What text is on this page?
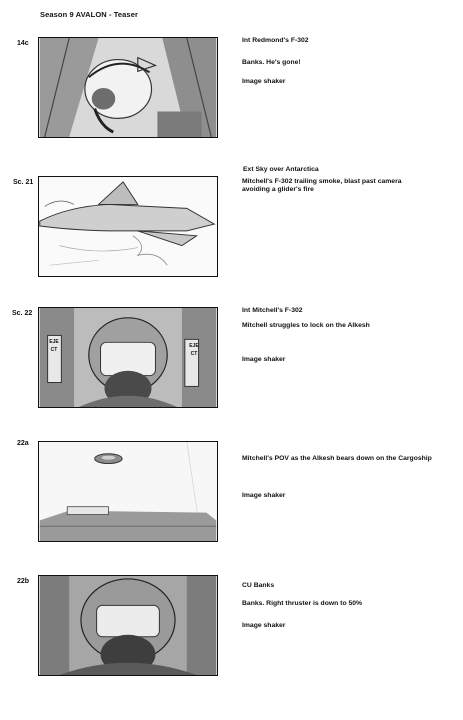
Season 9 AVALON - Teaser
14c	Int Redmond's F-302

Banks. He's gone!

Image shaker

Sc. 21

Ext Sky over Antarctica

Mitchell's F-302 trailing smoke, blast past camera
avoiding a glider's fire

Sc. 22
EJECT
EJECT

Int Mitchell's F-302

Mitchell struggles to lock on the Alkesh

Image shaker

22a

Mitchell's POV as the Alkesh bears down on the Cargoship

Image shaker

22b

CU Banks

Banks. Right thruster is down to 50%

Image shaker
